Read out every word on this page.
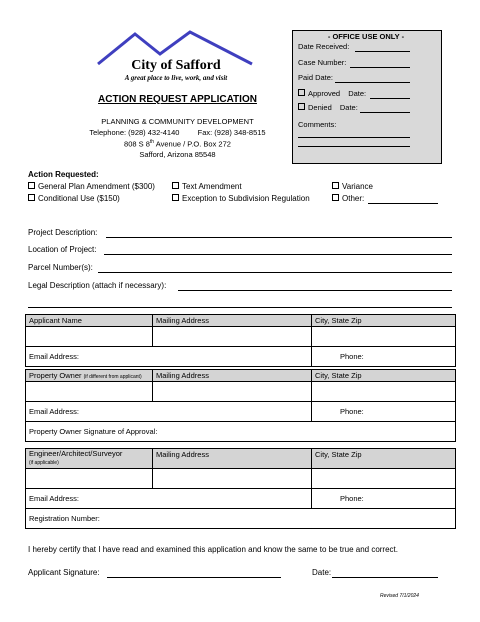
City of Safford
A great place to live, work, and visit
ACTION REQUEST APPLICATION
PLANNING & COMMUNITY DEVELOPMENT
Telephone: (928) 432-4140 Fax: (928) 348-8515
808 S 8th Avenue / P.O. Box 272
Safford, Arizona 85548
- OFFICE USE ONLY -
Date Received:
Case Number:
Paid Date:
Approved Date:
Denied Date:
Comments:
Action Requested:
General Plan Amendment ($300)	Text Amendment	Variance
Conditional Use ($150)	Exception to Subdivision Regulation	Other:
Project Description:
Location of Project:
Parcel Number(s):
Legal Description (attach if necessary):
Applicant Name	Mailing Address	City, State Zip

Email Address:		Phone:
Property Owner (if different from applicant)	Mailing Address	City, State Zip

Email Address:		Phone:
Property Owner Signature of Approval:		
Engineer/Architect/Surveyor
(if applicable)	Mailing Address	City, State Zip

Email Address:		Phone:
Registration Number:		
I hereby certify that I have read and examined this application and know the same to be true and correct.
Applicant Signature:	Date:
Revised 7/1/2024
